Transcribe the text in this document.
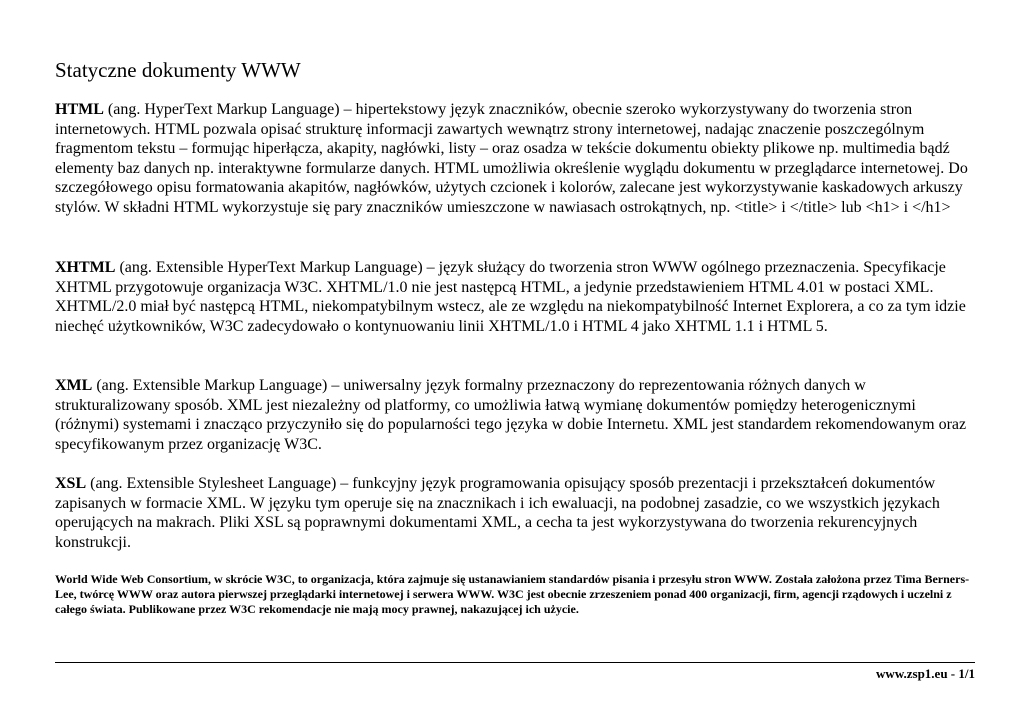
Statyczne dokumenty WWW

HTML (ang. HyperText Markup Language) – hipertekstowy język znaczników, obecnie szeroko wykorzystywany do tworzenia stron internetowych. HTML pozwala opisać strukturę informacji zawartych wewnątrz strony internetowej, nadając znaczenie poszczególnym fragmentom tekstu – formując hiperłącza, akapity, nagłówki, listy – oraz osadza w tekście dokumentu obiekty plikowe np. multimedia bądź elementy baz danych np. interaktywne formularze danych. HTML umożliwia określenie wyglądu dokumentu w przeglądarce internetowej. Do szczegółowego opisu formatowania akapitów, nagłówków, użytych czcionek i kolorów, zalecane jest wykorzystywanie kaskadowych arkuszy stylów. W składni HTML wykorzystuje się pary znaczników umieszczone w nawiasach ostrokątnych, np. <title> i </title> lub <h1> i </h1>

XHTML (ang. Extensible HyperText Markup Language) – język służący do tworzenia stron WWW ogólnego przeznaczenia. Specyfikacje XHTML przygotowuje organizacja W3C. XHTML/1.0 nie jest następcą HTML, a jedynie przedstawieniem HTML 4.01 w postaci XML. XHTML/2.0 miał być następcą HTML, niekompatybilnym wstecz, ale ze względu na niekompatybilność Internet Explorera, a co za tym idzie niechęć użytkowników, W3C zadecydowało o kontynuowaniu linii XHTML/1.0 i HTML 4 jako XHTML 1.1 i HTML 5.

XML (ang. Extensible Markup Language) – uniwersalny język formalny przeznaczony do reprezentowania różnych danych w strukturalizowany sposób. XML jest niezależny od platformy, co umożliwia łatwą wymianę dokumentów pomiędzy heterogenicznymi (różnymi) systemami i znacząco przyczyniło się do popularności tego języka w dobie Internetu. XML jest standardem rekomendowanym oraz specyfikowanym przez organizację W3C.

XSL (ang. Extensible Stylesheet Language) – funkcyjny język programowania opisujący sposób prezentacji i przekształceń dokumentów zapisanych w formacie XML. W języku tym operuje się na znacznikach i ich ewaluacji, na podobnej zasadzie, co we wszystkich językach operujących na makrach. Pliki XSL są poprawnymi dokumentami XML, a cecha ta jest wykorzystywana do tworzenia rekurencyjnych konstrukcji.

World Wide Web Consortium, w skrócie W3C, to organizacja, która zajmuje się ustanawianiem standardów pisania i przesyłu stron WWW. Została założona przez Tima Berners-Lee, twórcę WWW oraz autora pierwszej przeglądarki internetowej i serwera WWW. W3C jest obecnie zrzeszeniem ponad 400 organizacji, firm, agencji rządowych i uczelni z całego świata. Publikowane przez W3C rekomendacje nie mają mocy prawnej, nakazującej ich użycie.

www.zsp1.eu - 1/1
